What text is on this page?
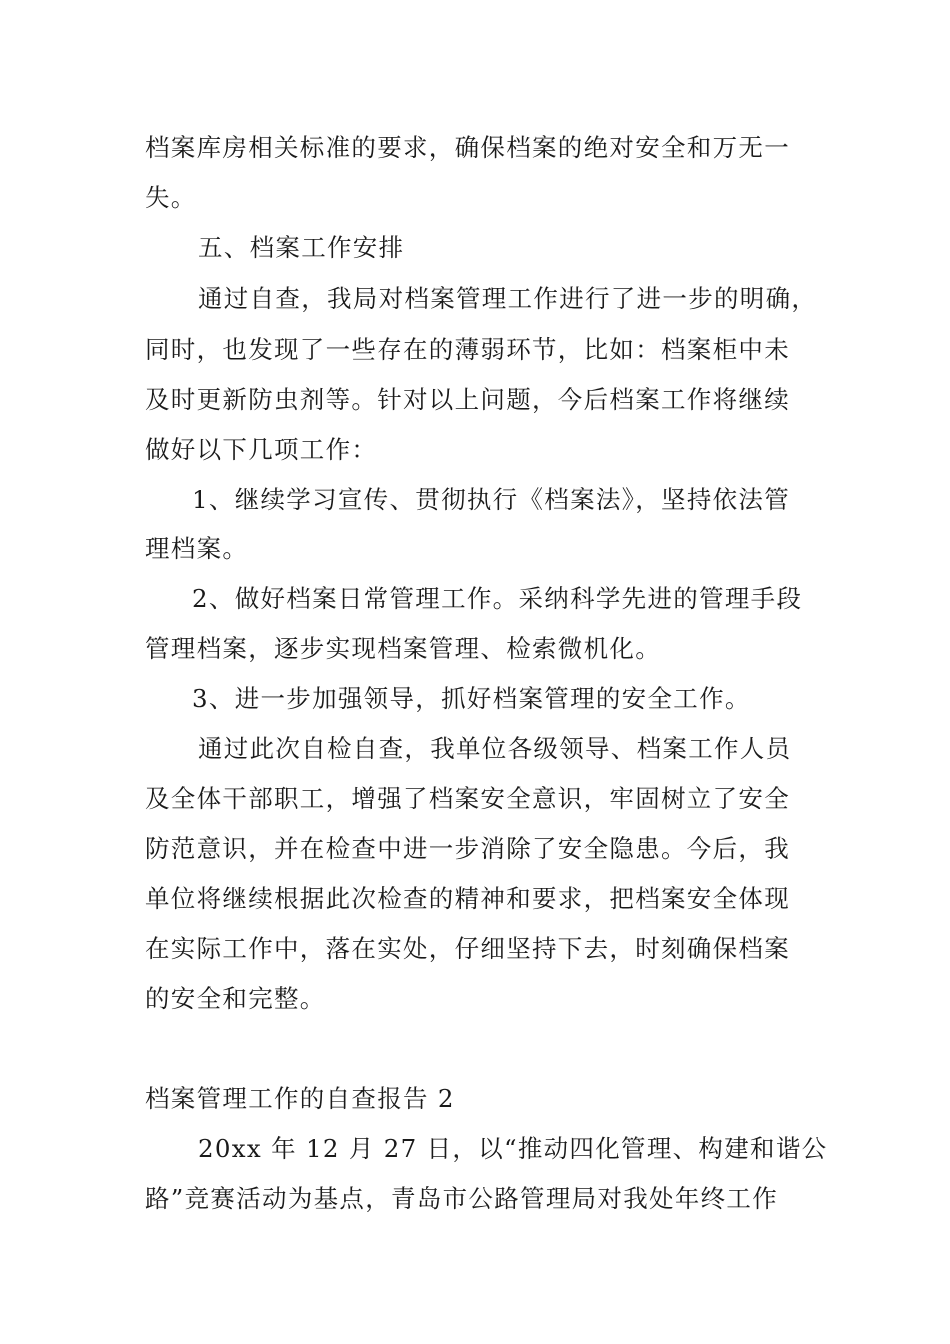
档案库房相关标准的要求，确保档案的绝对安全和万无一
失。
五、档案工作安排
通过自查，我局对档案管理工作进行了进一步的明确，
同时，也发现了一些存在的薄弱环节，比如：档案柜中未
及时更新防虫剂等。针对以上问题，今后档案工作将继续
做好以下几项工作：
1、继续学习宣传、贯彻执行《档案法》，坚持依法管
理档案。
2、做好档案日常管理工作。采纳科学先进的管理手段
管理档案，逐步实现档案管理、检索微机化。
3、进一步加强领导，抓好档案管理的安全工作。
通过此次自检自查，我单位各级领导、档案工作人员
及全体干部职工，增强了档案安全意识，牢固树立了安全
防范意识，并在检查中进一步消除了安全隐患。今后，我
单位将继续根据此次检查的精神和要求，把档案安全体现
在实际工作中，落在实处，仔细坚持下去，时刻确保档案
的安全和完整。
档案管理工作的自查报告 2
20xx 年 12 月 27 日，以“推动四化管理、构建和谐公
路”竞赛活动为基点，青岛市公路管理局对我处年终工作
